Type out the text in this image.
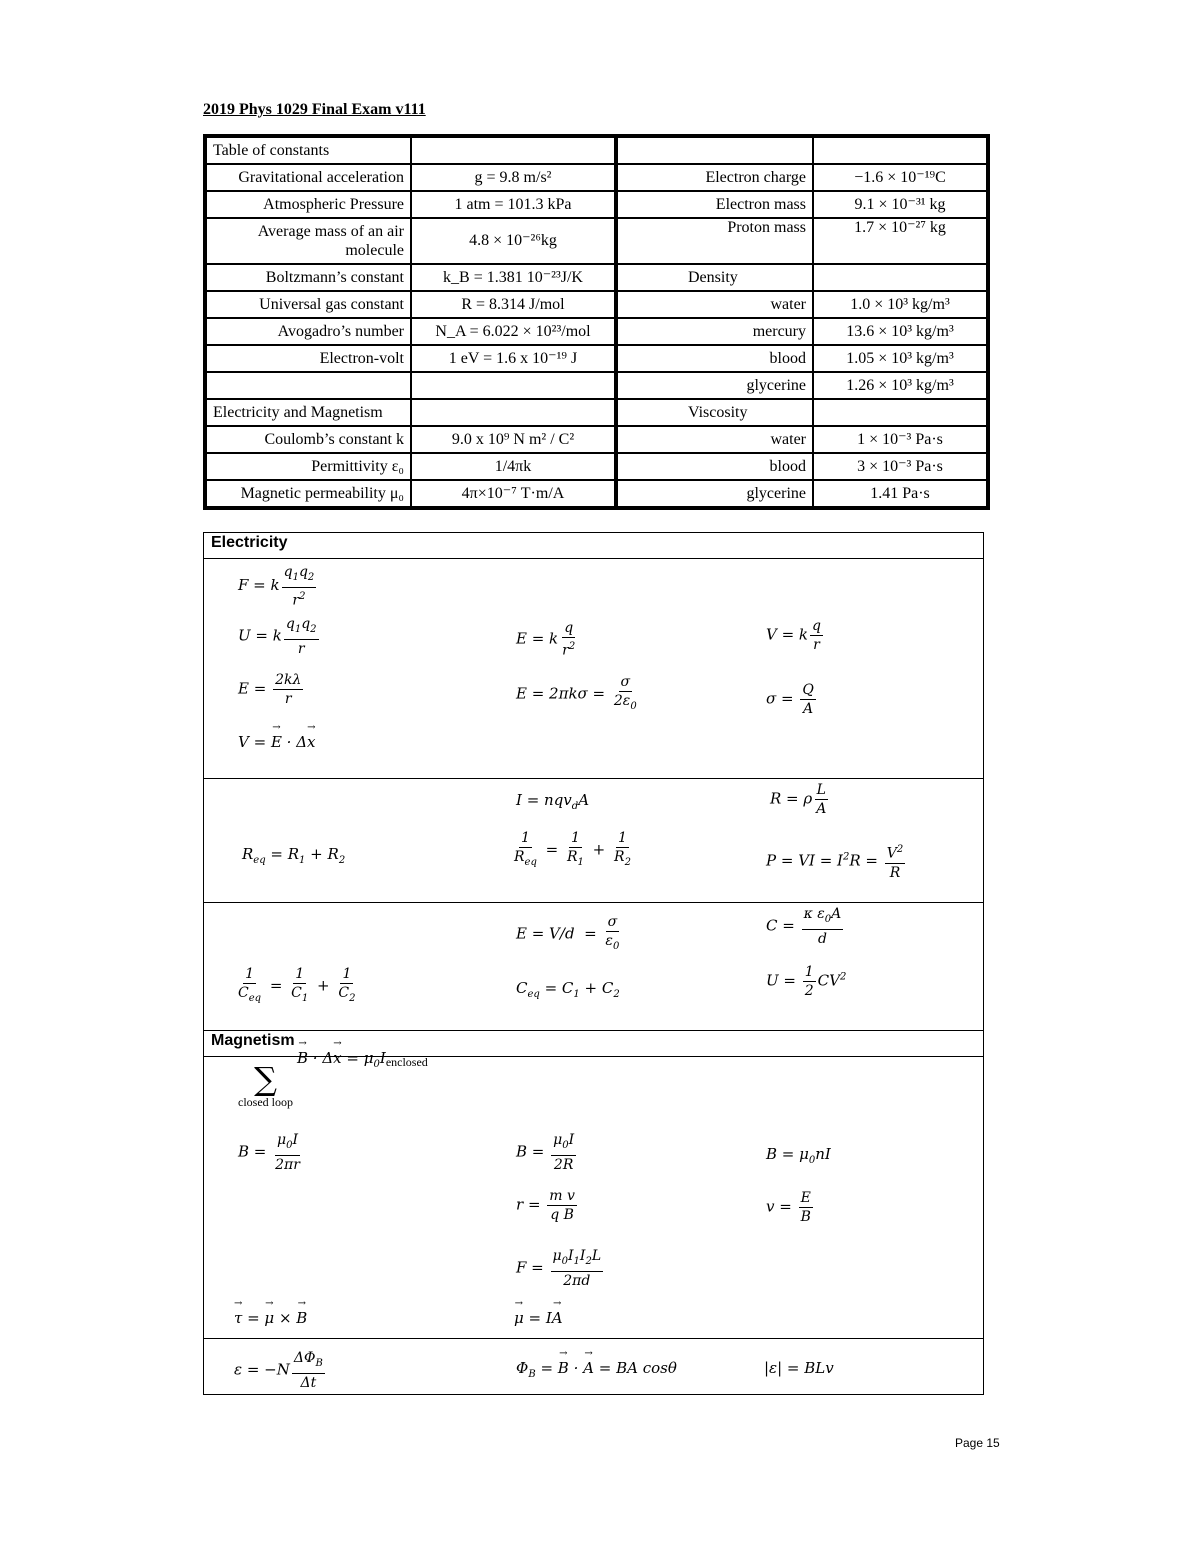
2019 Phys 1029 Final Exam v111
Table of constants			
Gravitational acceleration	g = 9.8 m/s²	Electron charge	−1.6 × 10⁻¹⁹C
Atmospheric Pressure	1 atm = 101.3 kPa	Electron mass	9.1 × 10⁻³¹ kg
Average mass of an air molecule	4.8 × 10⁻²⁶kg	Proton mass	1.7 × 10⁻²⁷ kg
Boltzmann’s constant	k_B = 1.381 10⁻²³J/K	Density	
Universal gas constant	R = 8.314 J/mol	water	1.0 × 10³ kg/m³
Avogadro’s number	N_A = 6.022 × 10²³/mol	mercury	13.6 × 10³ kg/m³
Electron-volt	1 eV = 1.6 x 10⁻¹⁹ J	blood	1.05 × 10³ kg/m³
		glycerine	1.26 × 10³ kg/m³
Electricity and Magnetism		Viscosity	
Coulomb’s constant k	9.0 x 10⁹ N m² / C²	water	1 × 10⁻³ Pa·s
Permittivity ε₀	1/4πk	blood	3 × 10⁻³ Pa·s
Magnetic permeability μ₀	4π×10⁻⁷ T·m/A	glycerine	1.41 Pa·s
Electricity
F = k $\frac{q_1q_2}{r^2}$
U = k $\frac{q_1q_2}{r}$	E = k $\frac{q}{r^2}$	V = k $\frac{q}{r}$
$E = \frac{2k\lambda}{r}$	$E = 2\pi k\sigma = \frac{\sigma}{2\varepsilon_0}$	$\sigma = \frac{Q}{A}$
V = E → · Δx →
I = nqv$_d$A	R = ρ $\frac{L}{A}$
$R_{eq} = R_1 + R_2$	$\frac{1}{R_{eq}} = \frac{1}{R_1} + \frac{1}{R_2}$	P = VI = $I^2R = \frac{V^2}{R}$
$E = V/d = \frac{\sigma}{\varepsilon_0}$	$C = \frac{\kappa \varepsilon_0A}{d}$
$\frac{1}{C_{eq}} = \frac{1}{C_1} + \frac{1}{C_2}$	$C_{eq} = C_1 + C_2$
$U = \frac{1}{2} CV^2$
Magnetism
∑
closed loop
B → · Δx → = $\mu_0I_{enclosed}$
$B = \frac{\mu_0I}{2\pi r}$	$B = \frac{\mu_0I}{2R}$	$B = \mu_0nI$
$r = \frac{\text{m v}}{\text{q B}}$	$v = \frac{E}{B}$
$F = \frac{\mu_0I_1I_2L}{2\pi d}$
τ → = μ → × B →	μ → = IA →
$\varepsilon = -N \frac{\Delta\Phi_B}{\Delta t}$	$\Phi_B = B$ → · A → = BA cosθ	|ε| = BLv
Page 15
